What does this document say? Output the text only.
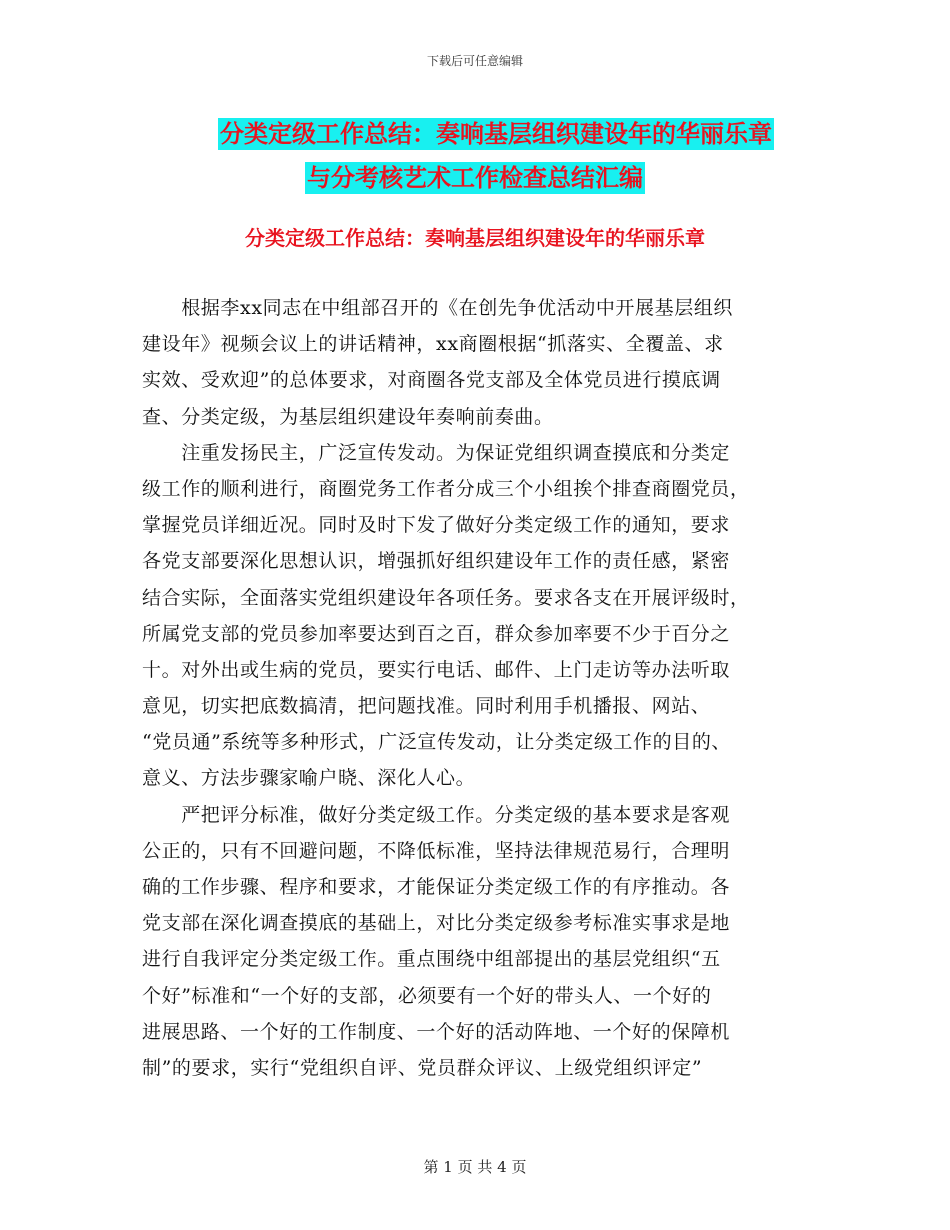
下载后可任意编辑
分类定级工作总结：奏响基层组织建设年的华丽乐章
与分考核艺术工作检查总结汇编
分类定级工作总结：奏响基层组织建设年的华丽乐章
　　根据李xx同志在中组部召开的《在创先争优活动中开展基层组织
建设年》视频会议上的讲话精神，xx商圈根据“抓落实、全覆盖、求
实效、受欢迎”的总体要求，对商圈各党支部及全体党员进行摸底调
查、分类定级，为基层组织建设年奏响前奏曲。
　　注重发扬民主，广泛宣传发动。为保证党组织调查摸底和分类定
级工作的顺利进行，商圈党务工作者分成三个小组挨个排查商圈党员，
掌握党员详细近况。同时及时下发了做好分类定级工作的通知，要求
各党支部要深化思想认识，增强抓好组织建设年工作的责任感，紧密
结合实际，全面落实党组织建设年各项任务。要求各支在开展评级时，
所属党支部的党员参加率要达到百之百，群众参加率要不少于百分之
十。对外出或生病的党员，要实行电话、邮件、上门走访等办法听取
意见，切实把底数搞清，把问题找准。同时利用手机播报、网站、
“党员通”系统等多种形式，广泛宣传发动，让分类定级工作的目的、
意义、方法步骤家喻户晓、深化人心。
　　严把评分标准，做好分类定级工作。分类定级的基本要求是客观
公正的，只有不回避问题，不降低标准，坚持法律规范易行，合理明
确的工作步骤、程序和要求，才能保证分类定级工作的有序推动。各
党支部在深化调查摸底的基础上，对比分类定级参考标准实事求是地
进行自我评定分类定级工作。重点围绕中组部提出的基层党组织“五
个好”标准和“一个好的支部，必须要有一个好的带头人、一个好的
进展思路、一个好的工作制度、一个好的活动阵地、一个好的保障机
制”的要求，实行“党组织自评、党员群众评议、上级党组织评定”
第 1 页 共 4 页
